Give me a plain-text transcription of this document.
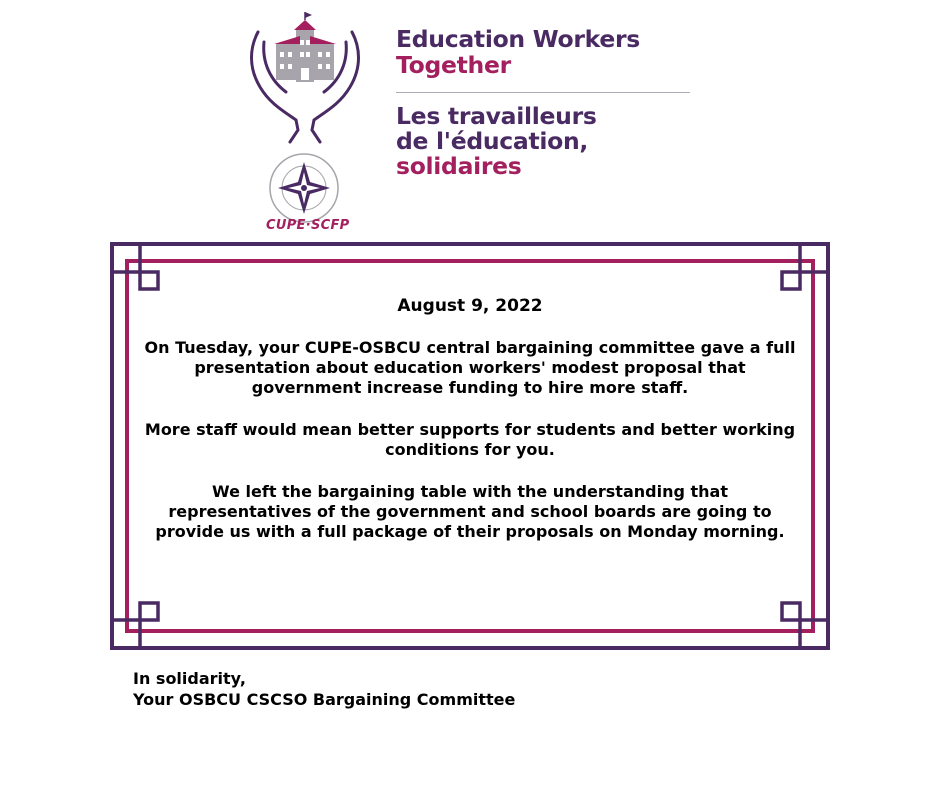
CUPE·SCFP
Education Workers
Together
Les travailleurs
de l'éducation,
solidaires
August 9, 2022

On Tuesday, your CUPE-OSBCU central bargaining committee gave a full presentation about education workers' modest proposal that government increase funding to hire more staff.

More staff would mean better supports for students and better working conditions for you.

We left the bargaining table with the understanding that representatives of the government and school boards are going to provide us with a full package of their proposals on Monday morning.

In solidarity,
Your OSBCU CSCSO Bargaining Committee
